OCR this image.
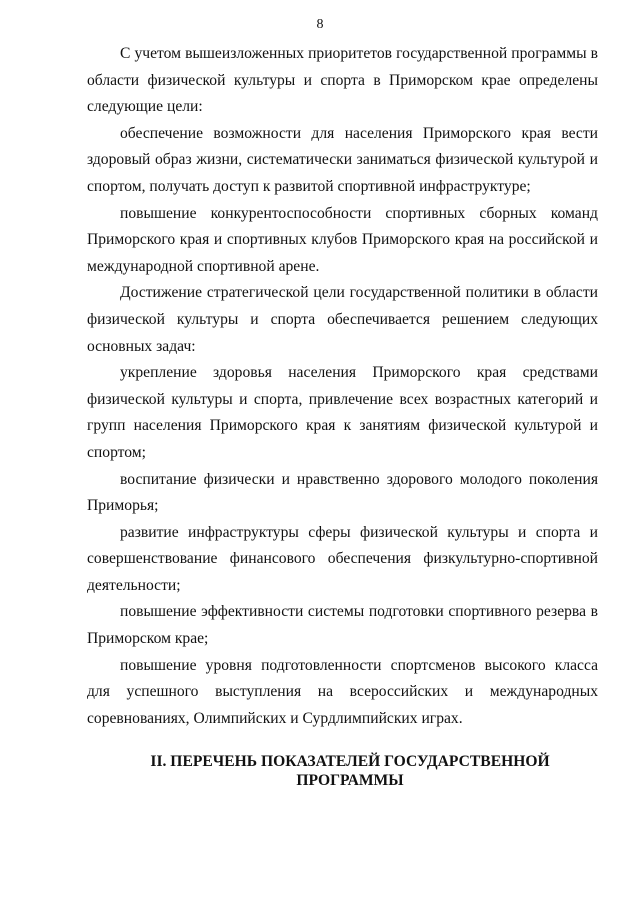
8

С учетом вышеизложенных приоритетов государственной программы в области физической культуры и спорта в Приморском крае определены следующие цели:

обеспечение возможности для населения Приморского края вести здоровый образ жизни, систематически заниматься физической культурой и спортом, получать доступ к развитой спортивной инфраструктуре;

повышение конкурентоспособности спортивных сборных команд Приморского края и спортивных клубов Приморского края на российской и международной спортивной арене.

Достижение стратегической цели государственной политики в области физической культуры и спорта обеспечивается решением следующих основных задач:

укрепление здоровья населения Приморского края средствами физической культуры и спорта, привлечение всех возрастных категорий и групп населения Приморского края к занятиям физической культурой и спортом;

воспитание физически и нравственно здорового молодого поколения Приморья;

развитие инфраструктуры сферы физической культуры и спорта и совершенствование финансового обеспечения физкультурно-спортивной деятельности;

повышение эффективности системы подготовки спортивного резерва в Приморском крае;

повышение уровня подготовленности спортсменов высокого класса для успешного выступления на всероссийских и международных соревнованиях, Олимпийских и Сурдлимпийских играх.

II. ПЕРЕЧЕНЬ ПОКАЗАТЕЛЕЙ ГОСУДАРСТВЕННОЙ
ПРОГРАММЫ
